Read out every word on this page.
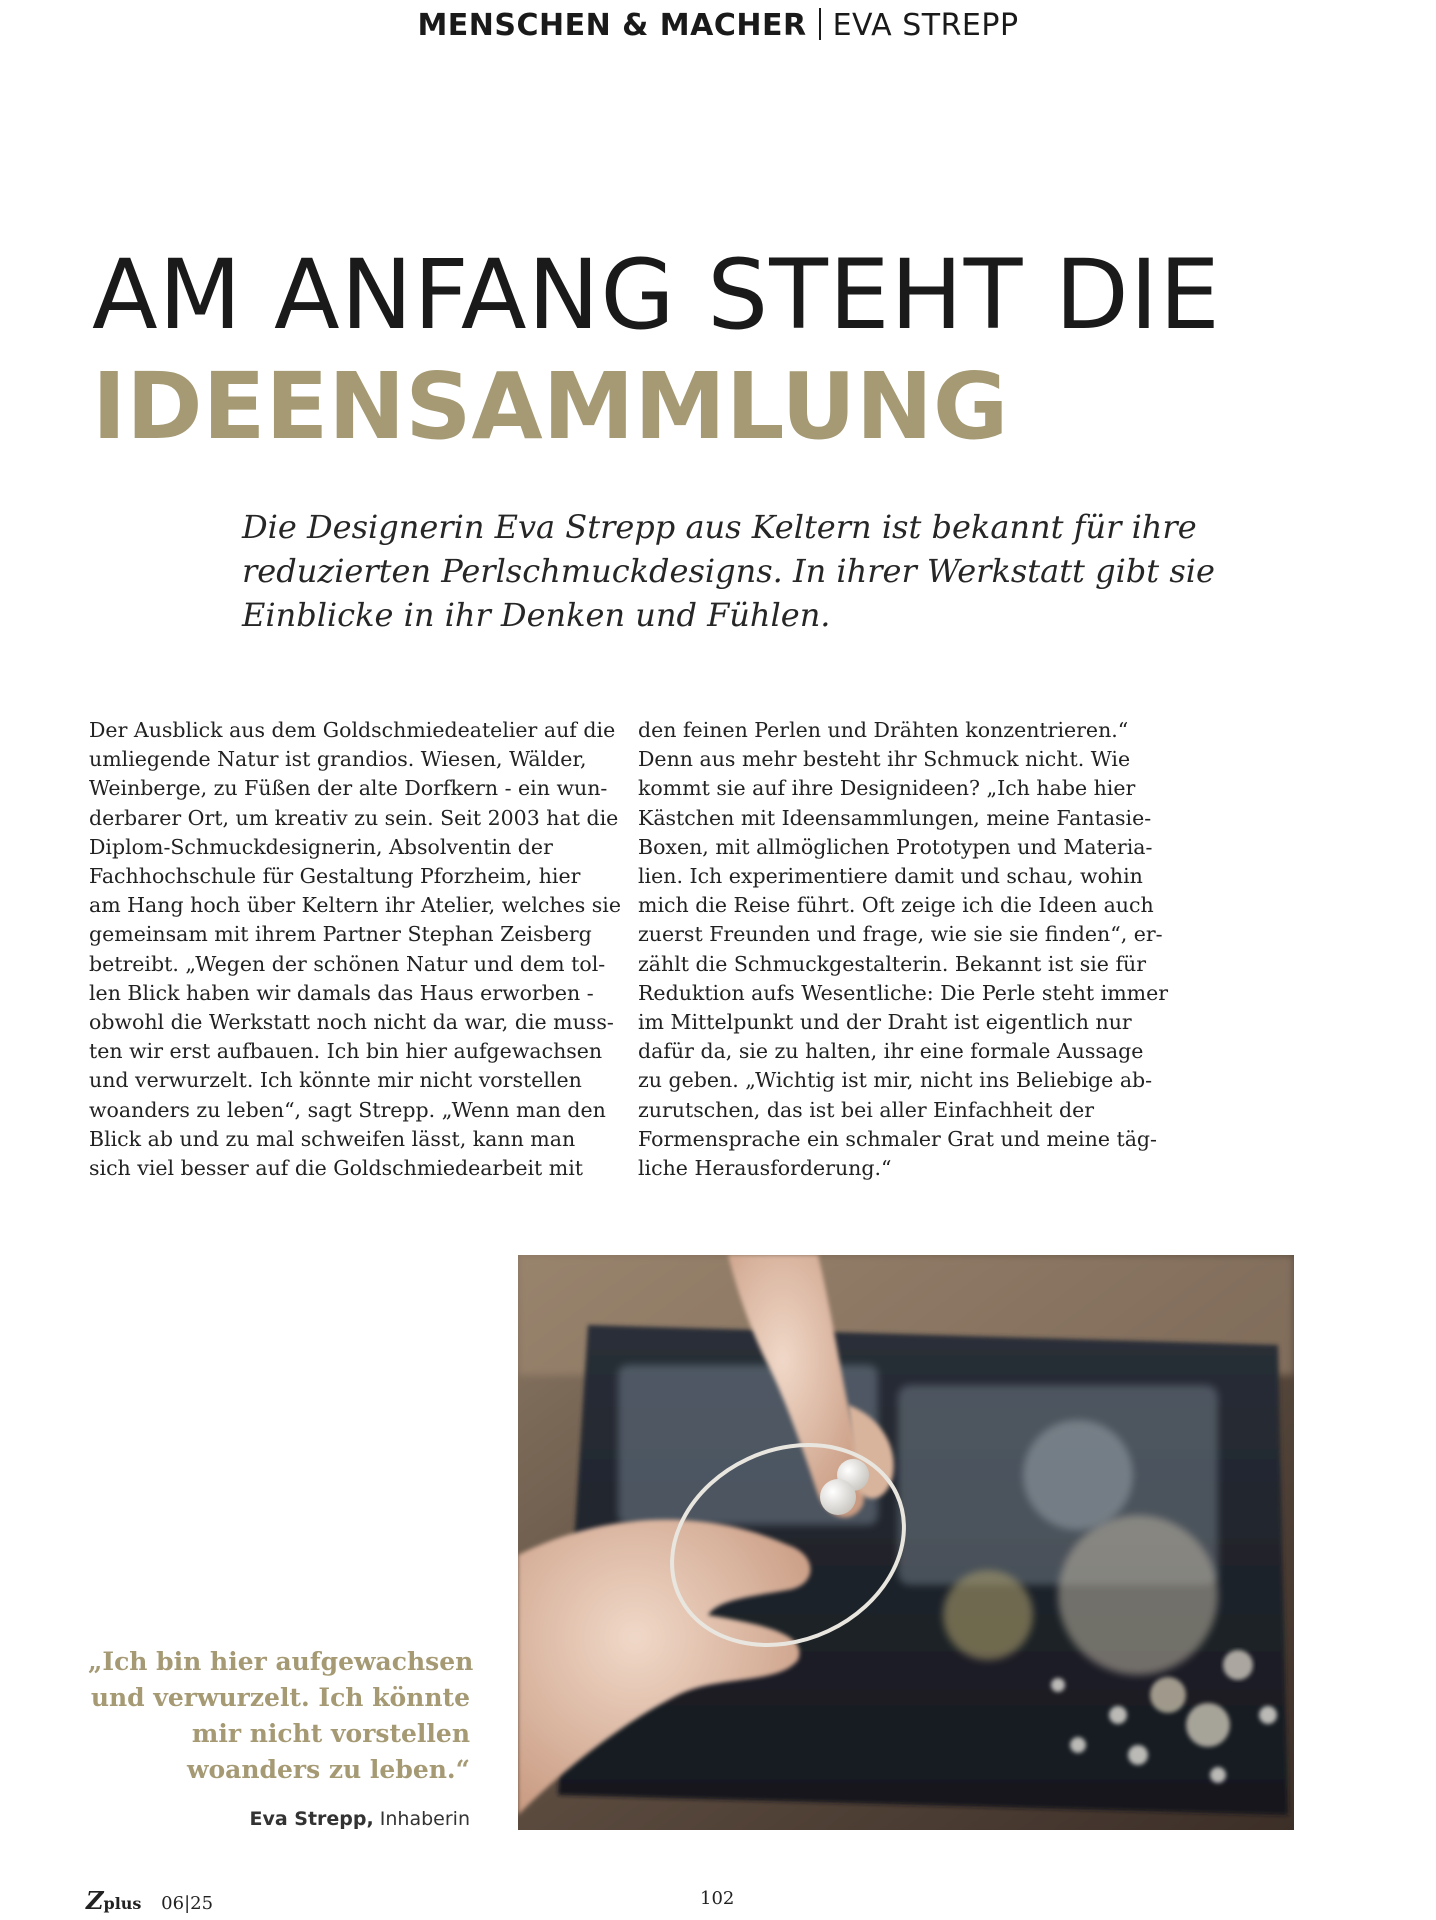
MENSCHEN & MACHER EVA STREPP
AM ANFANG STEHT DIE
IDEENSAMMLUNG
Die Designerin Eva Strepp aus Keltern ist bekannt für ihre
reduzierten Perlschmuckdesigns. In ihrer Werkstatt gibt sie
Einblicke in ihr Denken und Fühlen.
Der Ausblick aus dem Goldschmiedeatelier auf die
umliegende Natur ist grandios. Wiesen, Wälder,
Weinberge, zu Füßen der alte Dorfkern - ein wun-
derbarer Ort, um kreativ zu sein. Seit 2003 hat die
Diplom-Schmuckdesignerin, Absolventin der
Fachhochschule für Gestaltung Pforzheim, hier
am Hang hoch über Keltern ihr Atelier, welches sie
gemeinsam mit ihrem Partner Stephan Zeisberg
betreibt. „Wegen der schönen Natur und dem tol-
len Blick haben wir damals das Haus erworben -
obwohl die Werkstatt noch nicht da war, die muss-
ten wir erst aufbauen. Ich bin hier aufgewachsen
und verwurzelt. Ich könnte mir nicht vorstellen
woanders zu leben“, sagt Strepp. „Wenn man den
Blick ab und zu mal schweifen lässt, kann man
sich viel besser auf die Goldschmiedearbeit mit
den feinen Perlen und Drähten konzentrieren.“
Denn aus mehr besteht ihr Schmuck nicht. Wie
kommt sie auf ihre Designideen? „Ich habe hier
Kästchen mit Ideensammlungen, meine Fantasie-
Boxen, mit allmöglichen Prototypen und Materia-
lien. Ich experimentiere damit und schau, wohin
mich die Reise führt. Oft zeige ich die Ideen auch
zuerst Freunden und frage, wie sie sie finden“, er-
zählt die Schmuckgestalterin. Bekannt ist sie für
Reduktion aufs Wesentliche: Die Perle steht immer
im Mittelpunkt und der Draht ist eigentlich nur
dafür da, sie zu halten, ihr eine formale Aussage
zu geben. „Wichtig ist mir, nicht ins Beliebige ab-
zurutschen, das ist bei aller Einfachheit der
Formensprache ein schmaler Grat und meine täg-
liche Herausforderung.“
„Ich bin hier aufgewachsen
und verwurzelt. Ich könnte
mir nicht vorstellen
woanders zu leben.“
Eva Strepp, Inhaberin
Zplus 06|25	102
